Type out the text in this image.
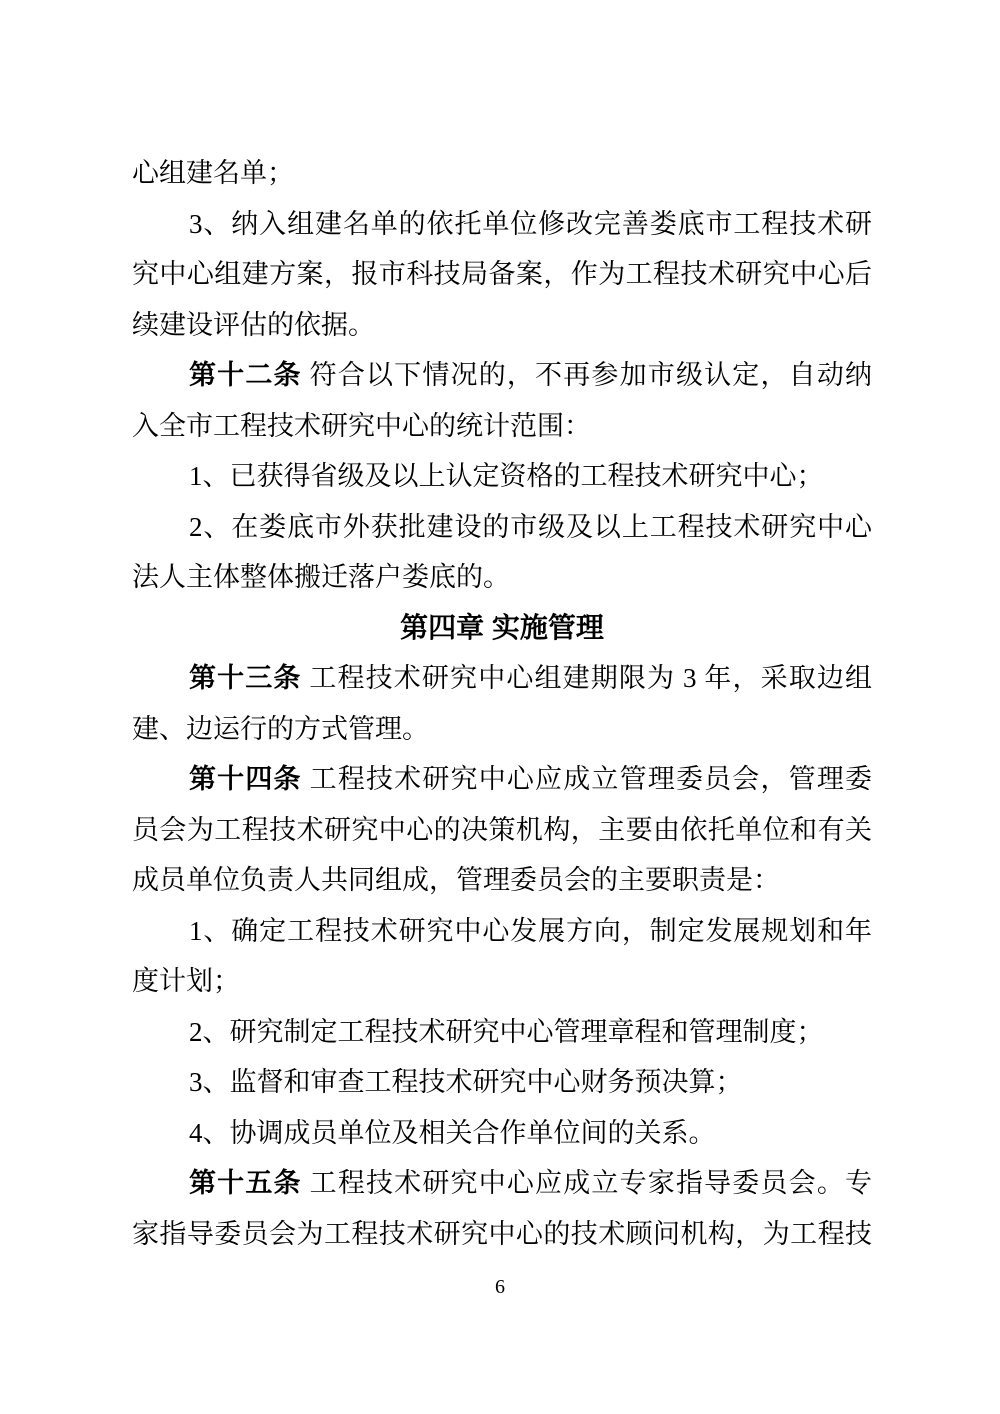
心组建名单；
3、纳入组建名单的依托单位修改完善娄底市工程技术研
究中心组建方案，报市科技局备案，作为工程技术研究中心后
续建设评估的依据。
第十二条 符合以下情况的，不再参加市级认定，自动纳
入全市工程技术研究中心的统计范围：
1、已获得省级及以上认定资格的工程技术研究中心；
2、在娄底市外获批建设的市级及以上工程技术研究中心
法人主体整体搬迁落户娄底的。
第四章 实施管理
第十三条 工程技术研究中心组建期限为 3 年，采取边组
建、边运行的方式管理。
第十四条 工程技术研究中心应成立管理委员会，管理委
员会为工程技术研究中心的决策机构，主要由依托单位和有关
成员单位负责人共同组成，管理委员会的主要职责是：
1、确定工程技术研究中心发展方向，制定发展规划和年
度计划；
2、研究制定工程技术研究中心管理章程和管理制度；
3、监督和审查工程技术研究中心财务预决算；
4、协调成员单位及相关合作单位间的关系。
第十五条 工程技术研究中心应成立专家指导委员会。专
家指导委员会为工程技术研究中心的技术顾问机构，为工程技
6
